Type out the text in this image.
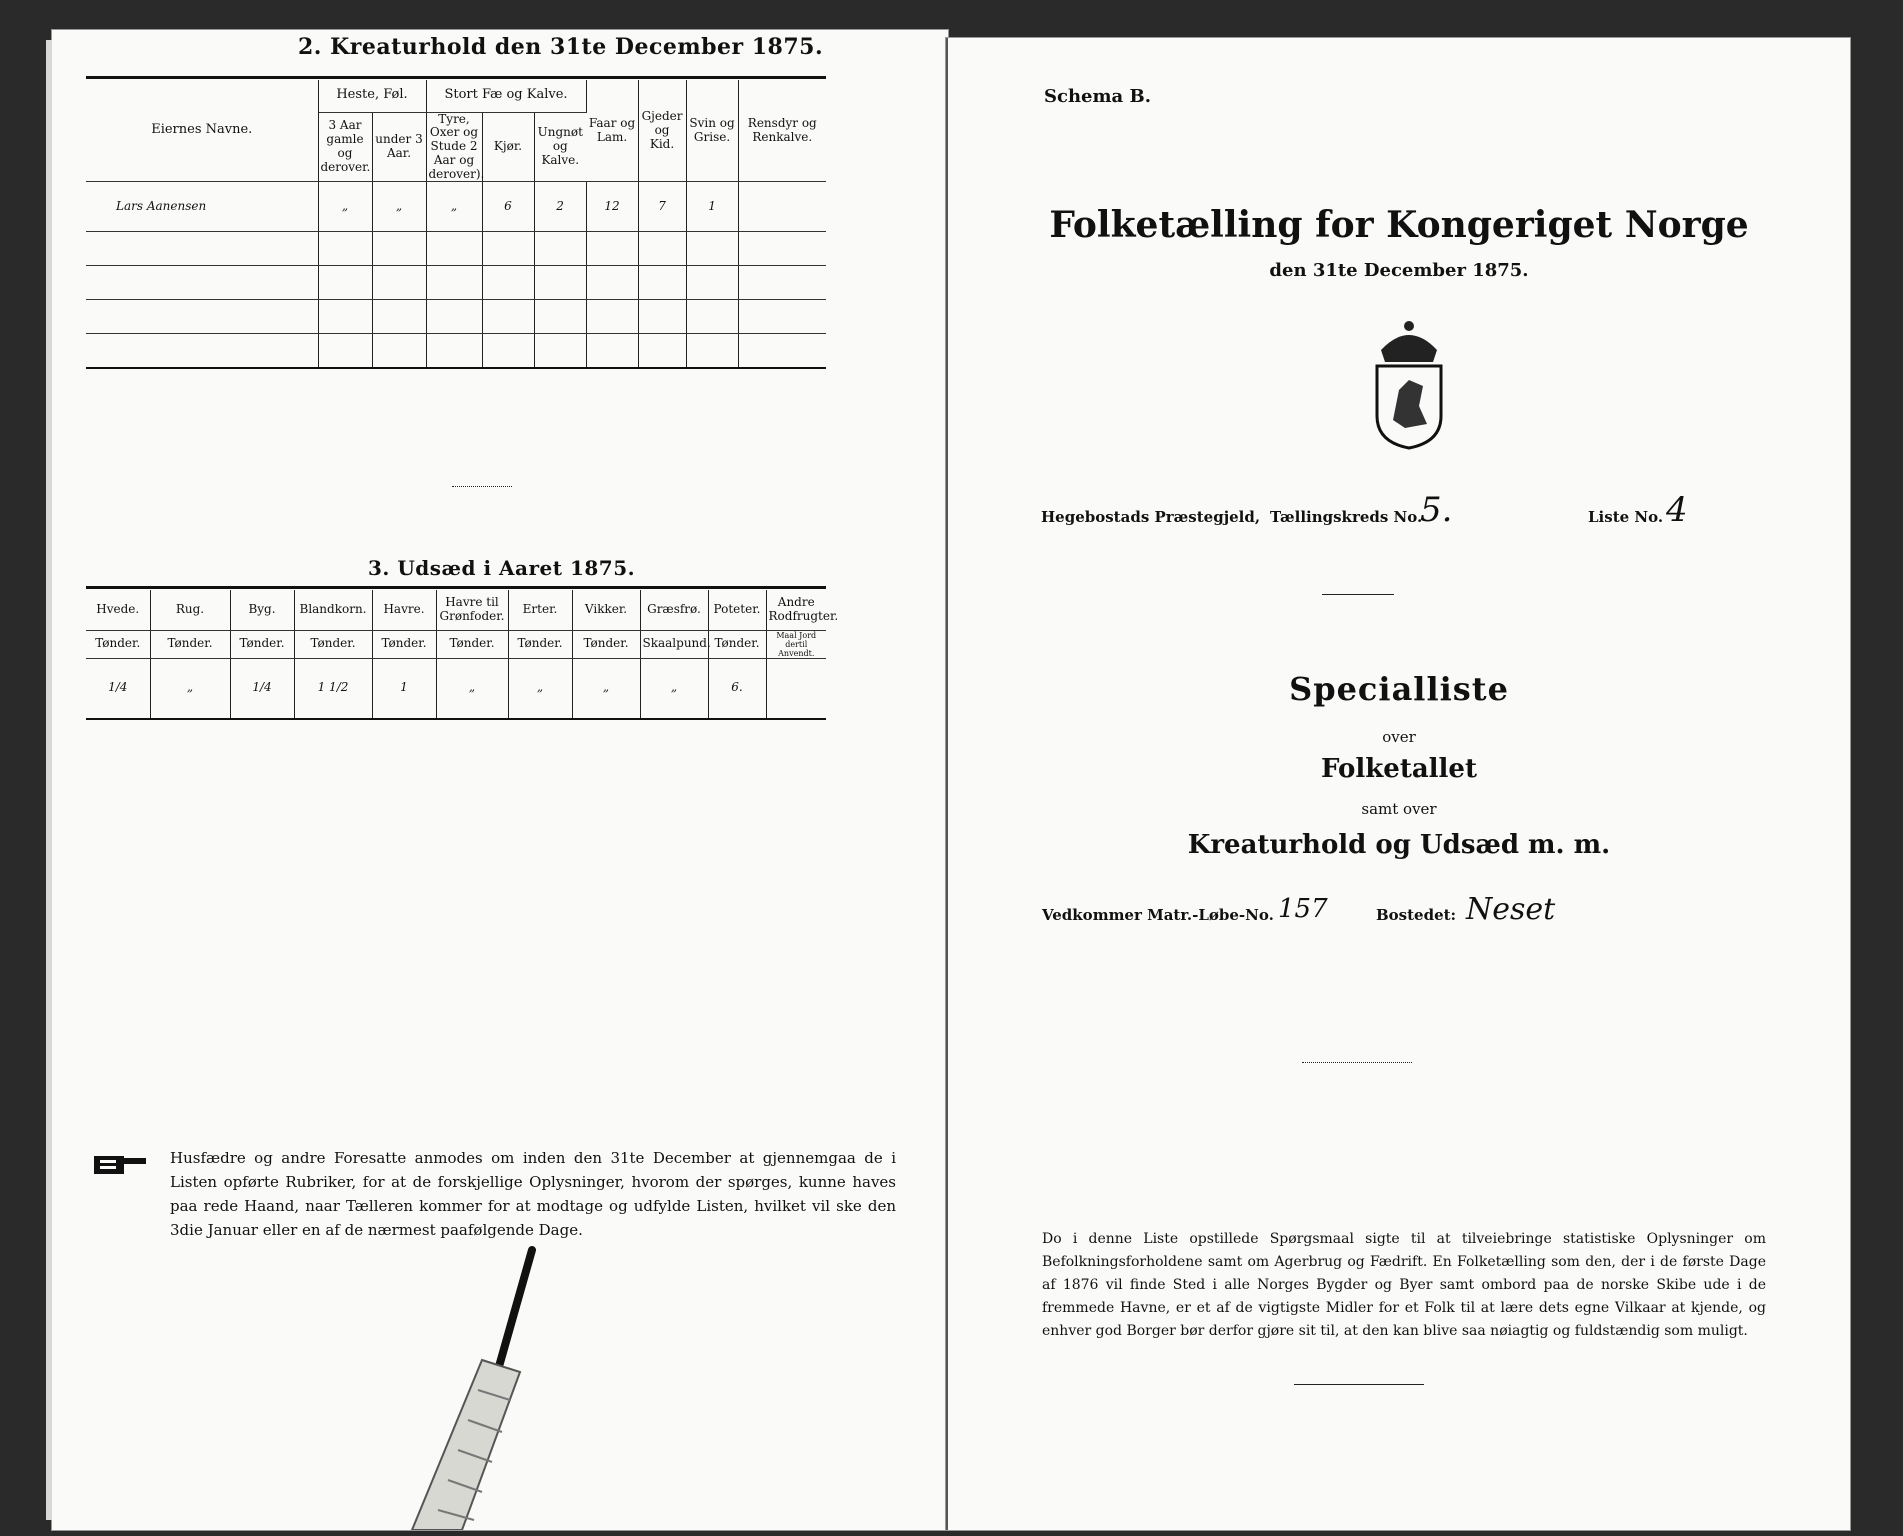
2. Kreaturhold den 31te December 1875.
Eiernes Navne.	Heste, Føl.		Stort Fæ og Kalve.			Faar og Lam.	Gjeder og Kid.	Svin og Grise.	Rensdyr og Renkalve.
	3 Aar gamle og derover.	under 3 Aar.	Tyre, Oxer og Stude 2 Aar og derover).	Kjør.	Ungnøt og Kalve.				
Lars Aanensen	„	„	„	6	2	12	7	1	

3. Udsæd i Aaret 1875.
Hvede.	Rug.	Byg.	Blandkorn.	Havre.	Havre til Grønfoder.	Erter.	Vikker.	Græsfrø.	Poteter.	Andre Rodfrugter.
Tønder.	Tønder.	Tønder.	Tønder.	Tønder.	Tønder.	Tønder.	Tønder.	Skaalpund.	Tønder.	Maal Jord dertil Anvendt.
1/4	„	1/4	1 1/2	1	„	„	„	„	6.	
Husfædre og andre Foresatte anmodes om inden den 31te December at gjennemgaa de i Listen opførte Rubriker, for at de forskjellige Oplysninger, hvorom der spørges, kunne haves paa rede Haand, naar Tælleren kommer for at modtage og udfylde Listen, hvilket vil ske den 3die Januar eller en af de nærmest paafølgende Dage.
Schema B.
Folketælling for Kongeriget Norge
den 31te December 1875.
Hegebostads Præstegjeld, Tællingskreds No.
5.	Liste No. 4
Specialliste
over
Folketallet
samt over
Kreaturhold og Udsæd m. m.
Vedkommer Matr.-Løbe-No. 157	Bostedet: Neset
Do i denne Liste opstillede Spørgsmaal sigte til at tilveiebringe statistiske Oplysninger om Befolkningsforholdene samt om Agerbrug og Fædrift. En Folketælling som den, der i de første Dage af 1876 vil finde Sted i alle Norges Bygder og Byer samt ombord paa de norske Skibe ude i de fremmede Havne, er et af de vigtigste Midler for et Folk til at lære dets egne Vilkaar at kjende, og enhver god Borger bør derfor gjøre sit til, at den kan blive saa nøiagtig og fuldstændig som muligt.
